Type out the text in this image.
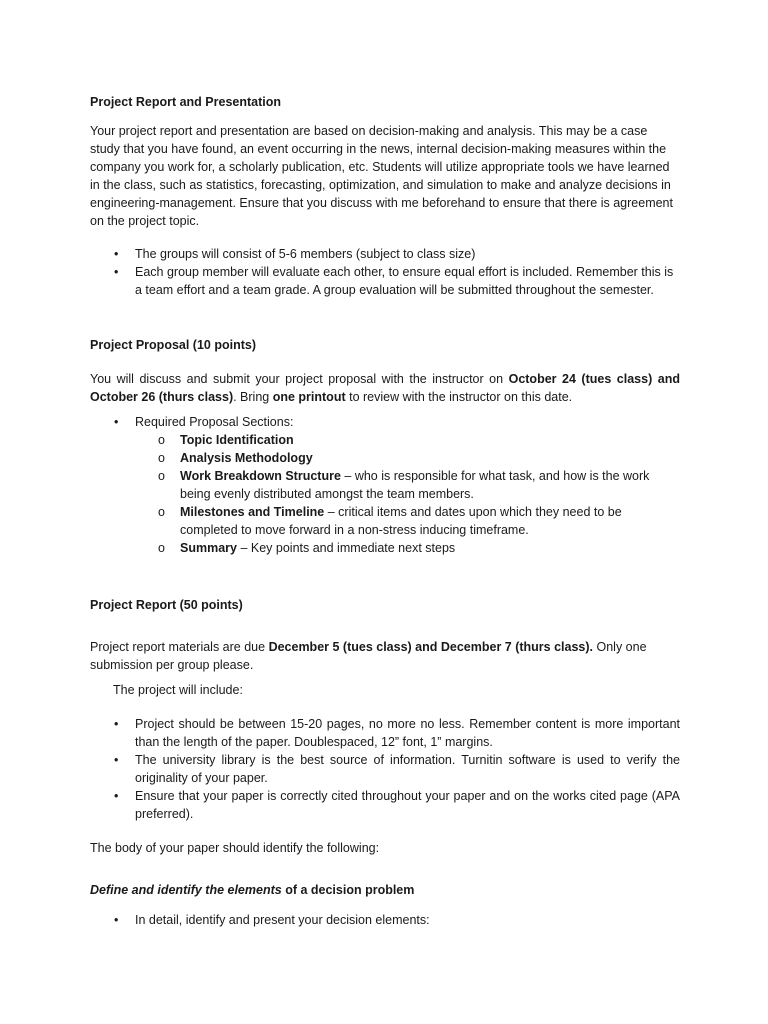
Project Report and Presentation

Your project report and presentation are based on decision-making and analysis. This may be a case study that you have found, an event occurring in the news, internal decision-making measures within the company you work for, a scholarly publication, etc. Students will utilize appropriate tools we have learned in the class, such as statistics, forecasting, optimization, and simulation to make and analyze decisions in engineering-management. Ensure that you discuss with me beforehand to ensure that there is agreement on the project topic.

• The groups will consist of 5-6 members (subject to class size)
• Each group member will evaluate each other, to ensure equal effort is included. Remember this is a team effort and a team grade. A group evaluation will be submitted throughout the semester.
Project Proposal (10 points)

You will discuss and submit your project proposal with the instructor on October 24 (tues class) and October 26 (thurs class). Bring one printout to review with the instructor on this date.

• Required Proposal Sections:
o Topic Identification
o Analysis Methodology
o Work Breakdown Structure – who is responsible for what task, and how is the work being evenly distributed amongst the team members.
o Milestones and Timeline – critical items and dates upon which they need to be completed to move forward in a non-stress inducing timeframe.
o Summary – Key points and immediate next steps
Project Report (50 points)

Project report materials are due December 5 (tues class) and December 7 (thurs class). Only one submission per group please.

The project will include:
• Project should be between 15-20 pages, no more no less. Remember content is more important than the length of the paper. Doublespaced, 12” font, 1” margins.
• The university library is the best source of information. Turnitin software is used to verify the originality of your paper.
• Ensure that your paper is correctly cited throughout your paper and on the works cited page (APA preferred).
The body of your paper should identify the following:
Define and identify the elements of a decision problem
• In detail, identify and present your decision elements:
